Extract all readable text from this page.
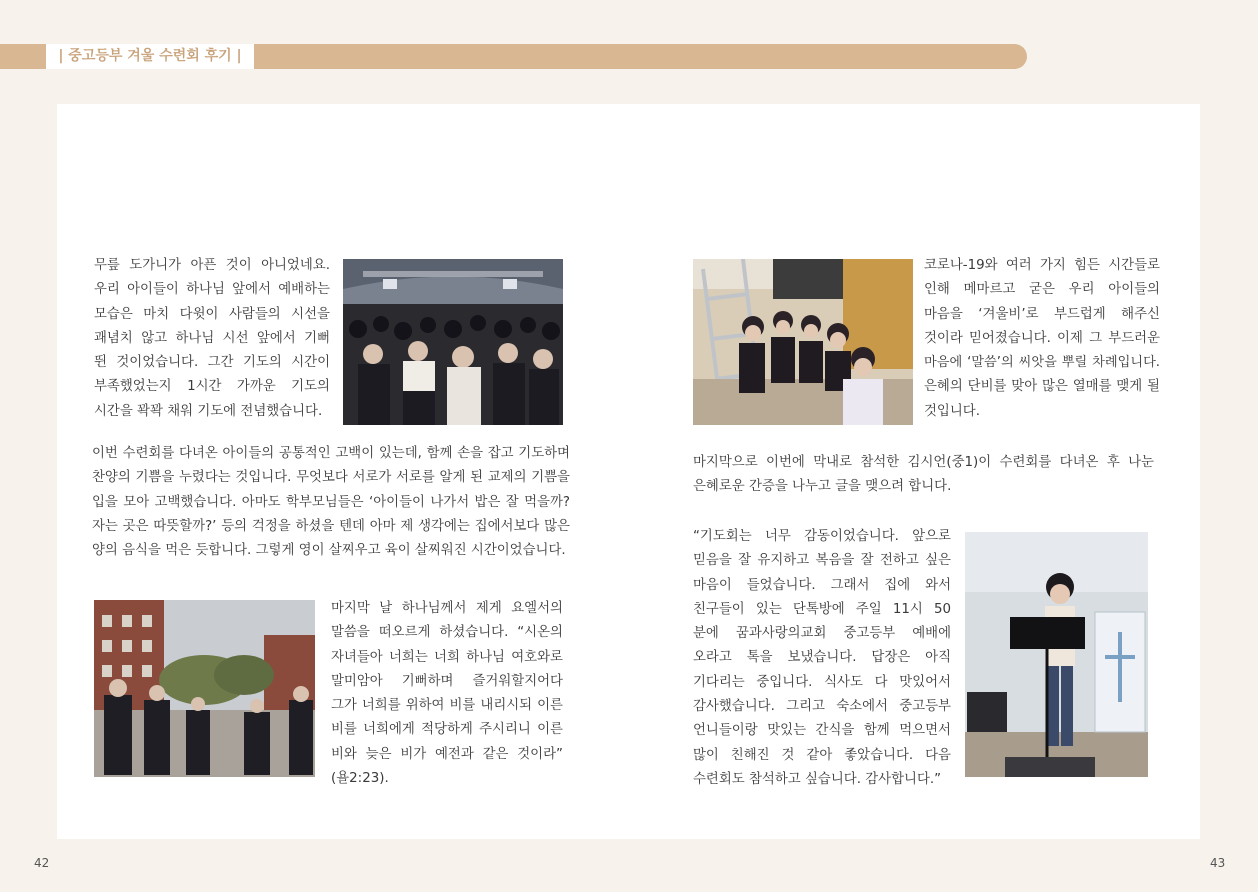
| 중고등부 겨울 수련회 후기 |
무릎 도가니가 아픈 것이 아니었네요.
우리 아이들이 하나님 앞에서 예배하는
모습은 마치 다윗이 사람들의 시선을
괘념치 않고 하나님 시선 앞에서 기뻐
뛴 것이었습니다. 그간 기도의 시간이
부족했었는지 1시간 가까운 기도의
시간을 꽉꽉 채워 기도에 전념했습니다.
이번 수련회를 다녀온 아이들의 공통적인 고백이 있는데, 함께 손을 잡고 기도하며
찬양의 기쁨을 누렸다는 것입니다. 무엇보다 서로가 서로를 알게 된 교제의 기쁨을
입을 모아 고백했습니다. 아마도 학부모님들은 ‘아이들이 나가서 밥은 잘 먹을까?
자는 곳은 따뜻할까?’ 등의 걱정을 하셨을 텐데 아마 제 생각에는 집에서보다 많은
양의 음식을 먹은 듯합니다. 그렇게 영이 살찌우고 육이 살찌워진 시간이었습니다.
마지막 날 하나님께서 제게 요엘서의
말씀을 떠오르게 하셨습니다. “시온의
자녀들아 너희는 너희 하나님 여호와로
말미암아 기뻐하며 즐거워할지어다
그가 너희를 위하여 비를 내리시되 이른
비를 너희에게 적당하게 주시리니 이른
비와 늦은 비가 예전과 같은 것이라”
(욜2:23).
42
코로나-19와 여러 가지 힘든 시간들로
인해 메마르고 굳은 우리 아이들의
마음을 ‘겨울비’로 부드럽게 해주신
것이라 믿어졌습니다. 이제 그 부드러운
마음에 ‘말씀’의 씨앗을 뿌릴 차례입니다.
은혜의 단비를 맞아 많은 열매를 맺게 될
것입니다.
마지막으로 이번에 막내로 참석한 김시언(중1)이 수련회를 다녀온 후 나눈
은혜로운 간증을 나누고 글을 맺으려 합니다.
“기도회는 너무 감동이었습니다. 앞으로
믿음을 잘 유지하고 복음을 잘 전하고 싶은
마음이 들었습니다. 그래서 집에 와서
친구들이 있는 단톡방에 주일 11시 50
분에 꿈과사랑의교회 중고등부 예배에
오라고 톡을 보냈습니다. 답장은 아직
기다리는 중입니다. 식사도 다 맛있어서
감사했습니다. 그리고 숙소에서 중고등부
언니들이랑 맛있는 간식을 함께 먹으면서
많이 친해진 것 같아 좋았습니다. 다음
수련회도 참석하고 싶습니다. 감사합니다.”
43
